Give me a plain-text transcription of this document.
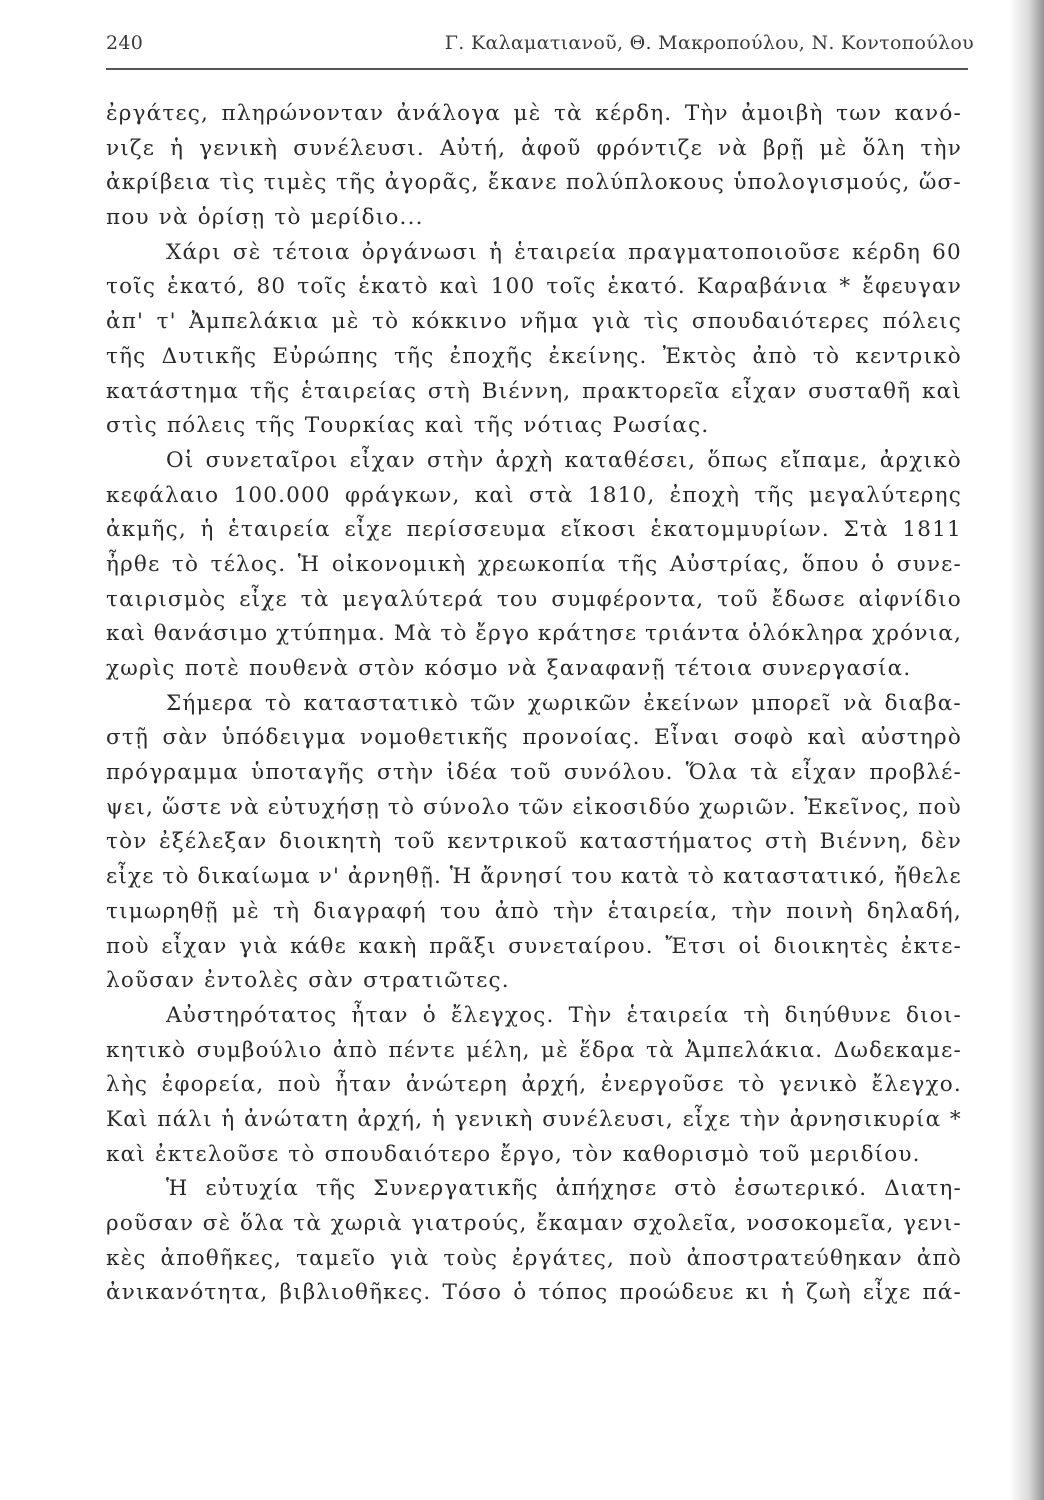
240	Γ. Καλαματιανοῦ, Θ. Μακροπούλου, Ν. Κοντοπούλου
ἐργάτες, πληρώνονταν ἀνάλογα μὲ τὰ κέρδη. Τὴν ἀμοιβὴ των κανό-
νιζε ἡ γενικὴ συνέλευσι. Αὐτή, ἀφοῦ φρόντιζε νὰ βρῇ μὲ ὅλη τὴν
ἀκρίβεια τὶς τιμὲς τῆς ἀγορᾶς, ἔκανε πολύπλοκους ὑπολογισμούς, ὥσ-
που νὰ ὁρίσῃ τὸ μερίδιο...
Χάρι σὲ τέτοια ὀργάνωσι ἡ ἑταιρεία πραγματοποιοῦσε κέρδη 60
τοῖς ἑκατό, 80 τοῖς ἑκατὸ καὶ 100 τοῖς ἑκατό. Καραβάνια * ἔφευγαν
ἀπ' τ' Ἀμπελάκια μὲ τὸ κόκκινο νῆμα γιὰ τὶς σπουδαιότερες πόλεις
τῆς Δυτικῆς Εὐρώπης τῆς ἐποχῆς ἐκείνης. Ἐκτὸς ἀπὸ τὸ κεντρικὸ
κατάστημα τῆς ἑταιρείας στὴ Βιέννη, πρακτορεῖα εἶχαν συσταθῆ καὶ
στὶς πόλεις τῆς Τουρκίας καὶ τῆς νότιας Ρωσίας.
Οἱ συνεταῖροι εἶχαν στὴν ἀρχὴ καταθέσει, ὅπως εἴπαμε, ἀρχικὸ
κεφάλαιο 100.000 φράγκων, καὶ στὰ 1810, ἐποχὴ τῆς μεγαλύτερης
ἀκμῆς, ἡ ἑταιρεία εἶχε περίσσευμα εἴκοσι ἑκατομμυρίων. Στὰ 1811
ἦρθε τὸ τέλος. Ἡ οἰκονομικὴ χρεωκοπία τῆς Αὐστρίας, ὅπου ὁ συνε-
ταιρισμὸς εἶχε τὰ μεγαλύτερά του συμφέροντα, τοῦ ἔδωσε αἰφνίδιο
καὶ θανάσιμο χτύπημα. Μὰ τὸ ἔργο κράτησε τριάντα ὁλόκληρα χρόνια,
χωρὶς ποτὲ πουθενὰ στὸν κόσμο νὰ ξαναφανῇ τέτοια συνεργασία.
Σήμερα τὸ καταστατικὸ τῶν χωρικῶν ἐκείνων μπορεῖ νὰ διαβα-
στῇ σὰν ὑπόδειγμα νομοθετικῆς προνοίας. Εἶναι σοφὸ καὶ αὐστηρὸ
πρόγραμμα ὑποταγῆς στὴν ἰδέα τοῦ συνόλου. Ὅλα τὰ εἶχαν προβλέ-
ψει, ὥστε νὰ εὐτυχήσῃ τὸ σύνολο τῶν εἰκοσιδύο χωριῶν. Ἐκεῖνος, ποὺ
τὸν ἐξέλεξαν διοικητὴ τοῦ κεντρικοῦ καταστήματος στὴ Βιέννη, δὲν
εἶχε τὸ δικαίωμα ν' ἀρνηθῇ. Ἡ ἄρνησί του κατὰ τὸ καταστατικό, ἤθελε
τιμωρηθῇ μὲ τὴ διαγραφή του ἀπὸ τὴν ἑταιρεία, τὴν ποινὴ δηλαδή,
ποὺ εἶχαν γιὰ κάθε κακὴ πρᾶξι συνεταίρου. Ἔτσι οἱ διοικητὲς ἐκτε-
λοῦσαν ἐντολὲς σὰν στρατιῶτες.
Αὐστηρότατος ἦταν ὁ ἔλεγχος. Τὴν ἑταιρεία τὴ διηύθυνε διοι-
κητικὸ συμβούλιο ἀπὸ πέντε μέλη, μὲ ἕδρα τὰ Ἀμπελάκια. Δωδεκαμε-
λὴς ἐφορεία, ποὺ ἦταν ἀνώτερη ἀρχή, ἐνεργοῦσε τὸ γενικὸ ἔλεγχο.
Καὶ πάλι ἡ ἀνώτατη ἀρχή, ἡ γενικὴ συνέλευσι, εἶχε τὴν ἀρνησικυρία *
καὶ ἐκτελοῦσε τὸ σπουδαιότερο ἔργο, τὸν καθορισμὸ τοῦ μεριδίου.
Ἡ εὐτυχία τῆς Συνεργατικῆς ἀπήχησε στὸ ἐσωτερικό. Διατη-
ροῦσαν σὲ ὅλα τὰ χωριὰ γιατρούς, ἔκαμαν σχολεῖα, νοσοκομεῖα, γενι-
κὲς ἀποθῆκες, ταμεῖο γιὰ τοὺς ἐργάτες, ποὺ ἀποστρατεύθηκαν ἀπὸ
ἀνικανότητα, βιβλιοθῆκες. Τόσο ὁ τόπος προώδευε κι ἡ ζωὴ εἶχε πά-
